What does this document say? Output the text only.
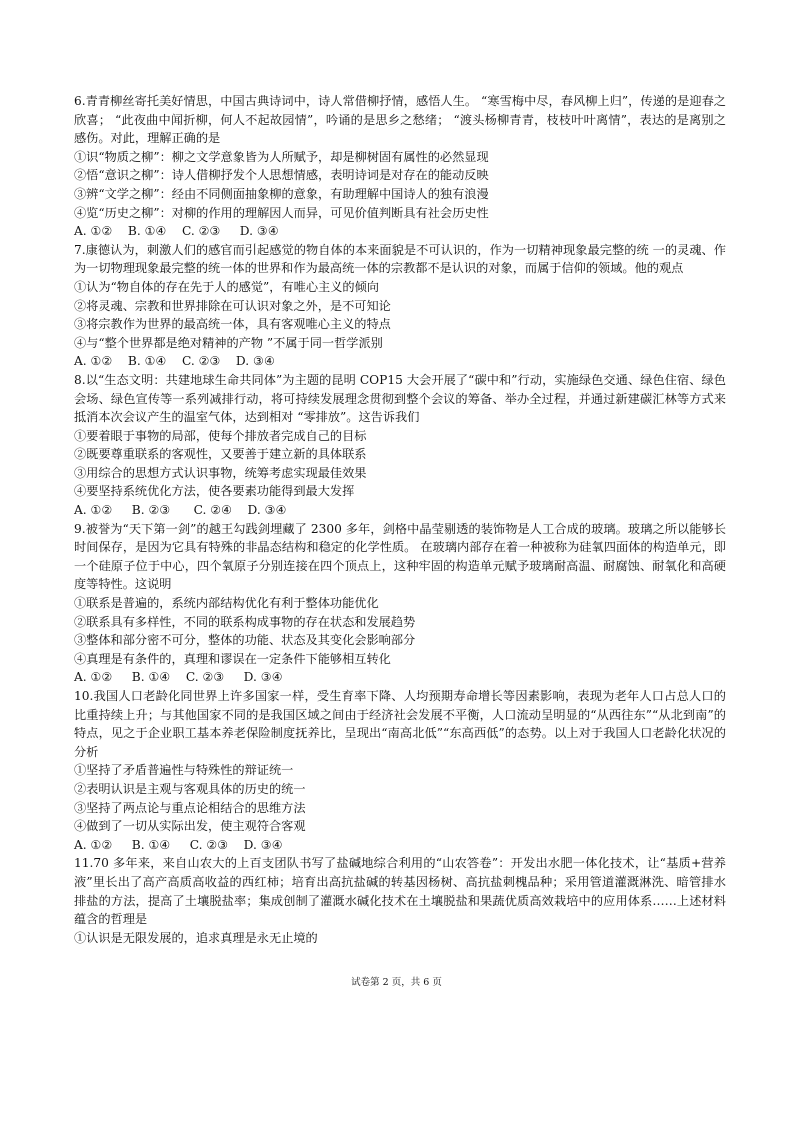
6.青青柳丝寄托美好情思，中国古典诗词中，诗人常借柳抒情，感悟人生。 “寒雪梅中尽，春风柳上归”，传递的是迎春之欣喜； “此夜曲中闻折柳，何人不起故园情”，吟诵的是思乡之愁绪； “渡头杨柳青青，枝枝叶叶离情”，表达的是离别之感伤。对此，理解正确的是

①识“物质之柳”：柳之文学意象皆为人所赋予，却是柳树固有属性的必然显现

②悟“意识之柳”：诗人借柳抒发个人思想情感，表明诗词是对存在的能动反映

③辨“文学之柳”：经由不同侧面抽象柳的意象，有助理解中国诗人的独有浪漫

④览“历史之柳”：对柳的作用的理解因人而异，可见价值判断具有社会历史性

A. ①②    B. ①④    C. ②③     D. ③④

7.康德认为，刺激人们的感官而引起感觉的物自体的本来面貌是不可认识的，作为一切精神现象最完整的统 一的灵魂、作为一切物理现象最完整的统一体的世界和作为最高统一体的宗教都不是认识的对象，而属于信仰的领域。他的观点

①认为“物自体的存在先于人的感觉”，有唯心主义的倾向

②将灵魂、宗教和世界排除在可认识对象之外，是不可知论

③将宗教作为世界的最高统一体，具有客观唯心主义的特点

④与“整个世界都是绝对精神的产物 ”不属于同一哲学派别

A. ①②    B. ①④    C. ②③    D. ③④

8.以“生态文明：共建地球生命共同体”为主题的昆明 COP15 大会开展了“碳中和”行动，实施绿色交通、绿色住宿、绿色会场、绿色宣传等一系列减排行动，将可持续发展理念贯彻到整个会议的筹备、举办全过程，并通过新建碳汇林等方式来抵消本次会议产生的温室气体，达到相对 “零排放”。这告诉我们

①要着眼于事物的局部，使每个排放者完成自己的目标

②既要尊重联系的客观性，又要善于建立新的具体联系

③用综合的思想方式认识事物，统筹考虑实现最佳效果

④要坚持系统优化方法，使各要素功能得到最大发挥

A. ①②     B. ②③      C. ②④    D. ③④

9.被誉为“天下第一剑”的越王勾践剑埋藏了 2300 多年，剑格中晶莹剔透的装饰物是人工合成的玻璃。玻璃之所以能够长时间保存，是因为它具有特殊的非晶态结构和稳定的化学性质。 在玻璃内部存在着一种被称为硅氧四面体的构造单元，即一个硅原子位于中心，四个氧原子分别连接在四个顶点上，这种牢固的构造单元赋予玻璃耐高温、耐腐蚀、耐氧化和高硬度等特性。这说明

①联系是普遍的，系统内部结构优化有利于整体功能优化

②联系具有多样性，不同的联系构成事物的存在状态和发展趋势

③整体和部分密不可分，整体的功能、状态及其变化会影响部分

④真理是有条件的，真理和谬误在一定条件下能够相互转化

A. ①②     B. ①④    C. ②③     D. ③④

10.我国人口老龄化同世界上许多国家一样，受生育率下降、人均预期寿命增长等因素影响，表现为老年人口占总人口的比重持续上升；与其他国家不同的是我国区域之间由于经济社会发展不平衡，人口流动呈明显的“从西往东”“从北到南”的特点，见之于企业职工基本养老保险制度抚养比，呈现出“南高北低”“东高西低”的态势。以上对于我国人口老龄化状况的分析

①坚持了矛盾普遍性与特殊性的辩证统一

②表明认识是主观与客观具体的历史的统一

③坚持了两点论与重点论相结合的思维方法

④做到了一切从实际出发，使主观符合客观

A. ①②     B. ①④     C. ②③    D. ③④

11.70 多年来，来自山农大的上百支团队书写了盐碱地综合利用的“山农答卷”：开发出水肥一体化技术，让“基质+营养液”里长出了高产高质高收益的西红柿；培育出高抗盐碱的转基因杨树、高抗盐刺槐品种；采用管道灌溉淋洗、暗管排水排盐的方法，提高了土壤脱盐率；集成创制了灌溉水碱化技术在土壤脱盐和果蔬优质高效栽培中的应用体系……上述材料蕴含的哲理是

①认识是无限发展的，追求真理是永无止境的

试卷第 2 页，共 6 页
